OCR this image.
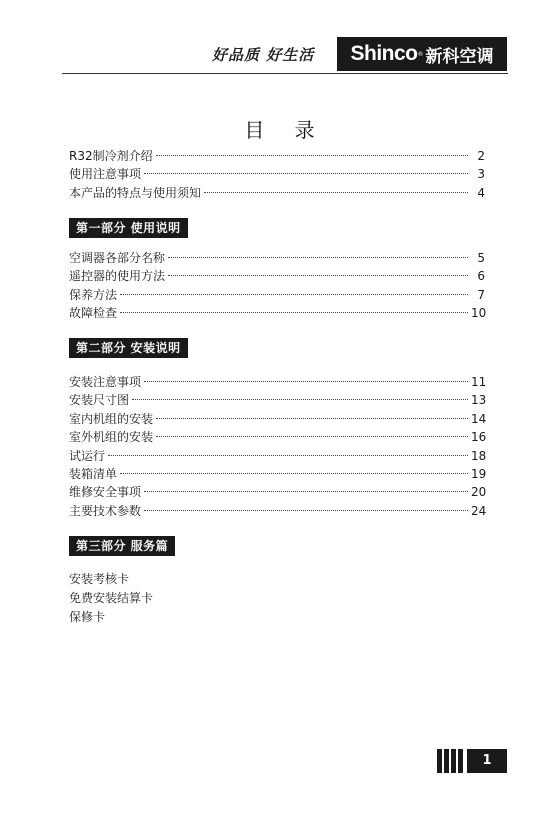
好品质 好生活 Shinco ® 新科空调
目 录
R32制冷剂介绍	2
使用注意事项	3
本产品的特点与使用须知	4
第一部分 使用说明
空调器各部分名称	5
遥控器的使用方法	6
保养方法	7
故障检查	10
第二部分 安装说明
安装注意事项	11
安装尺寸图	13
室内机组的安装	14
室外机组的安装	16
试运行	18
装箱清单	19
维修安全事项	20
主要技术参数	24
第三部分 服务篇
安装考核卡
免费安装结算卡
保修卡
1
